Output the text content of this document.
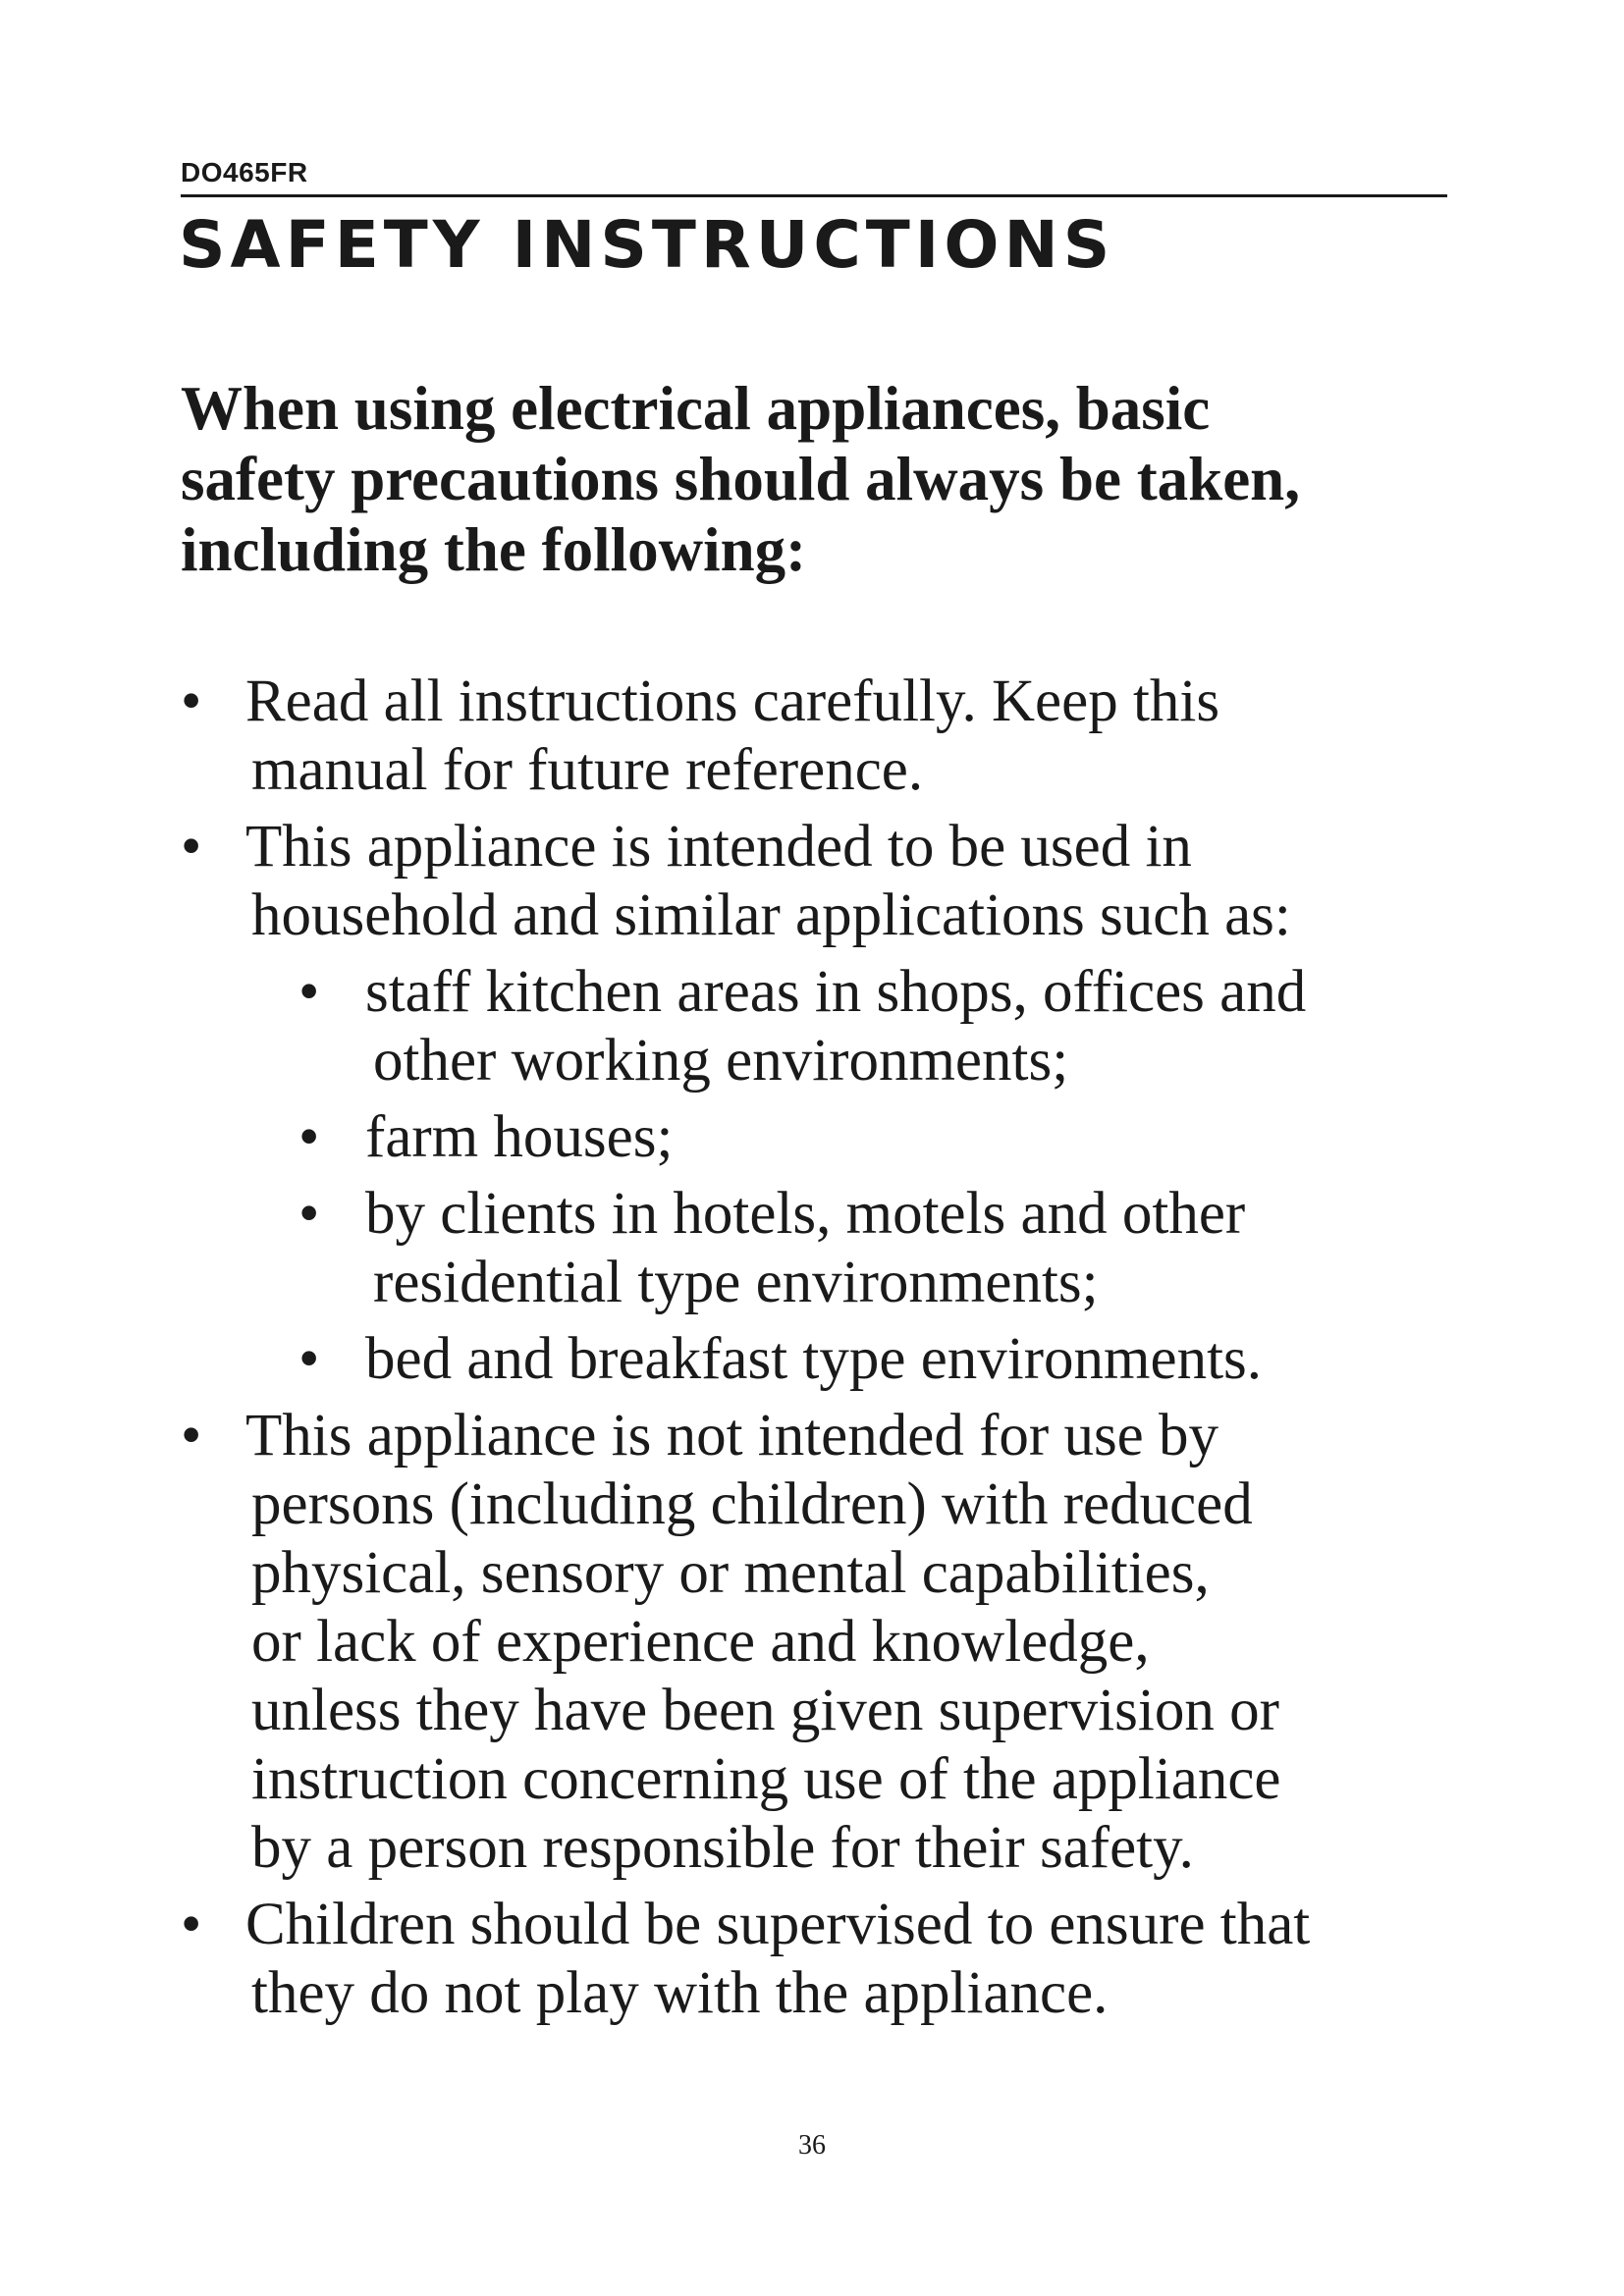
DO465FR
SAFETY INSTRUCTIONS
When using electrical appliances, basic
safety precautions should always be taken,
including the following:
• Read all instructions carefully. Keep this
manual for future reference.
• This appliance is intended to be used in
household and similar applications such as:
• staff kitchen areas in shops, offices and
other working environments;
• farm houses;
• by clients in hotels, motels and other
residential type environments;
• bed and breakfast type environments.
• This appliance is not intended for use by
persons (including children) with reduced
physical, sensory or mental capabilities,
or lack of experience and knowledge,
unless they have been given supervision or
instruction concerning use of the appliance
by a person responsible for their safety.
• Children should be supervised to ensure that
they do not play with the appliance.
36
